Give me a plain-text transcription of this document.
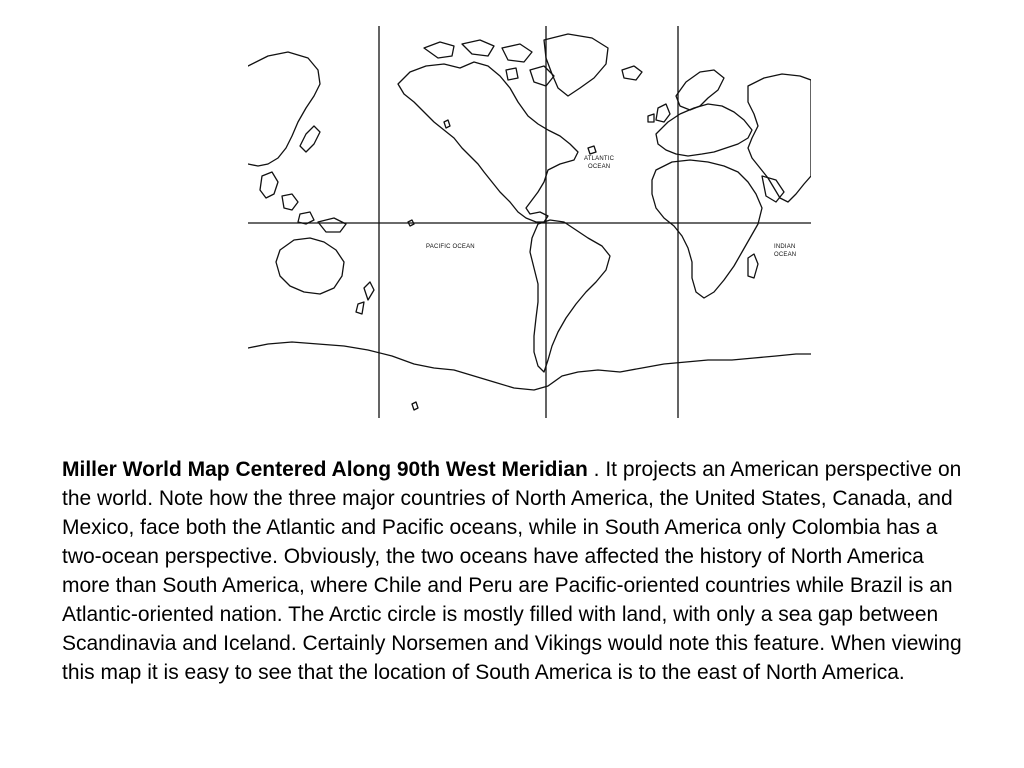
ATLANTIC
OCEAN
PACIFIC OCEAN	INDIAN
OCEAN

Miller World Map Centered Along 90th West Meridian . It projects an American perspective on the world. Note how the three major countries of North America, the United States, Canada, and Mexico, face both the Atlantic and Pacific oceans, while in South America only Colombia has a two-ocean perspective. Obviously, the two oceans have affected the history of North America more than South America, where Chile and Peru are Pacific-oriented countries while Brazil is an Atlantic-oriented nation. The Arctic circle is mostly filled with land, with only a sea gap between Scandinavia and Iceland. Certainly Norsemen and Vikings would note this feature. When viewing this map it is easy to see that the location of South America is to the east of North America.
